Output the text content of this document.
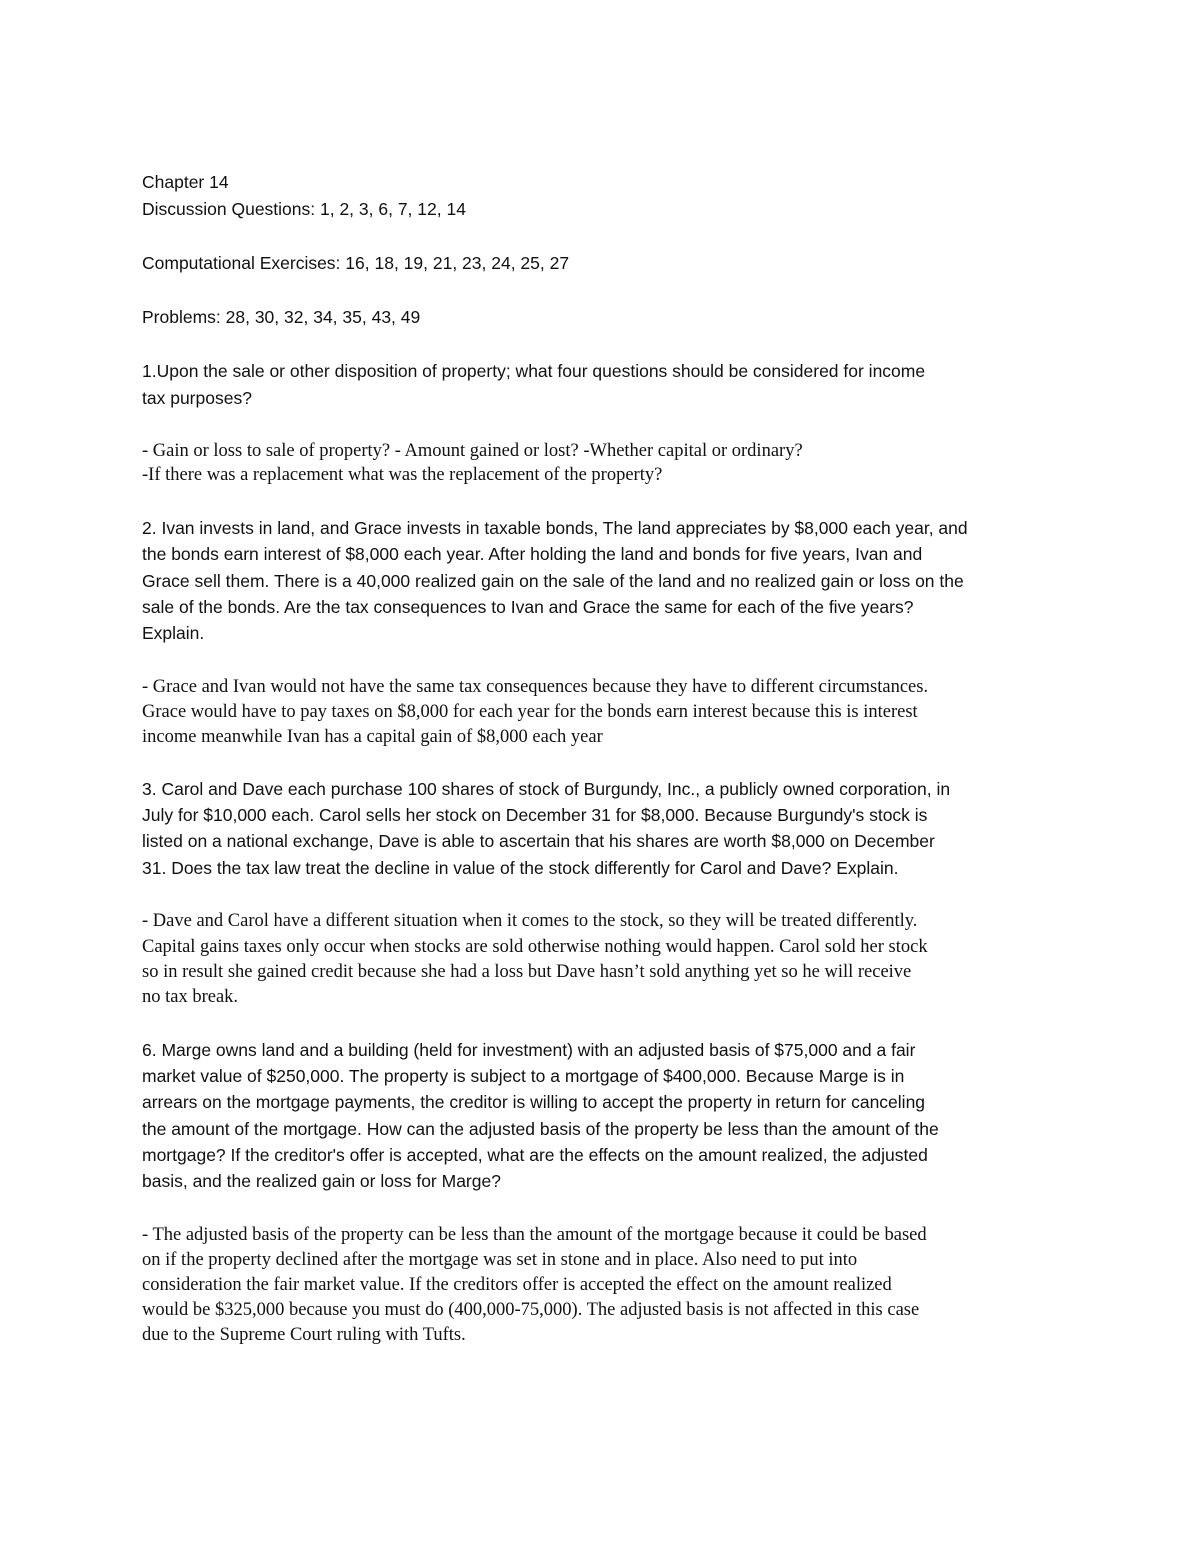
Chapter 14
Discussion Questions: 1, 2, 3, 6, 7, 12, 14
Computational Exercises: 16, 18, 19, 21, 23, 24, 25, 27
Problems: 28, 30, 32, 34, 35, 43, 49
1.Upon the sale or other disposition of property; what four questions should be considered for income
tax purposes?
- Gain or loss to sale of property? - Amount gained or lost? -Whether capital or ordinary?
-If there was a replacement what was the replacement of the property?
2. Ivan invests in land, and Grace invests in taxable bonds, The land appreciates by $8,000 each year, and
the bonds earn interest of $8,000 each year. After holding the land and bonds for five years, Ivan and
Grace sell them. There is a 40,000 realized gain on the sale of the land and no realized gain or loss on the
sale of the bonds. Are the tax consequences to Ivan and Grace the same for each of the five years?
Explain.
- Grace and Ivan would not have the same tax consequences because they have to different circumstances.
Grace would have to pay taxes on $8,000 for each year for the bonds earn interest because this is interest
income meanwhile Ivan has a capital gain of $8,000 each year
3. Carol and Dave each purchase 100 shares of stock of Burgundy, Inc., a publicly owned corporation, in
July for $10,000 each. Carol sells her stock on December 31 for $8,000. Because Burgundy's stock is
listed on a national exchange, Dave is able to ascertain that his shares are worth $8,000 on December
31. Does the tax law treat the decline in value of the stock differently for Carol and Dave? Explain.
- Dave and Carol have a different situation when it comes to the stock, so they will be treated differently.
Capital gains taxes only occur when stocks are sold otherwise nothing would happen. Carol sold her stock
so in result she gained credit because she had a loss but Dave hasn’t sold anything yet so he will receive
no tax break.
6. Marge owns land and a building (held for investment) with an adjusted basis of $75,000 and a fair
market value of $250,000. The property is subject to a mortgage of $400,000. Because Marge is in
arrears on the mortgage payments, the creditor is willing to accept the property in return for canceling
the amount of the mortgage. How can the adjusted basis of the property be less than the amount of the
mortgage? If the creditor's offer is accepted, what are the effects on the amount realized, the adjusted
basis, and the realized gain or loss for Marge?
- The adjusted basis of the property can be less than the amount of the mortgage because it could be based
on if the property declined after the mortgage was set in stone and in place. Also need to put into
consideration the fair market value. If the creditors offer is accepted the effect on the amount realized
would be $325,000 because you must do (400,000-75,000). The adjusted basis is not affected in this case
due to the Supreme Court ruling with Tufts.
